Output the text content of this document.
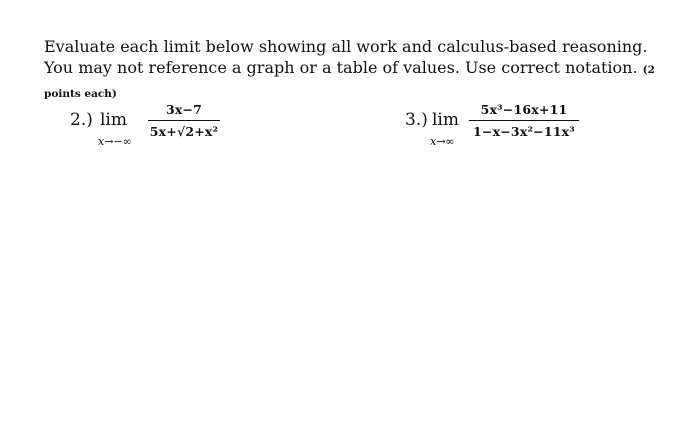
Evaluate each limit below showing all work and calculus-based reasoning. You may not reference a graph or a table of values. Use correct notation. (2 points each)
2.) lim
x→−∞
3x−7
5x+√2+x²
3.) lim
x→∞
5x³−16x+11
1−x−3x²−11x³
